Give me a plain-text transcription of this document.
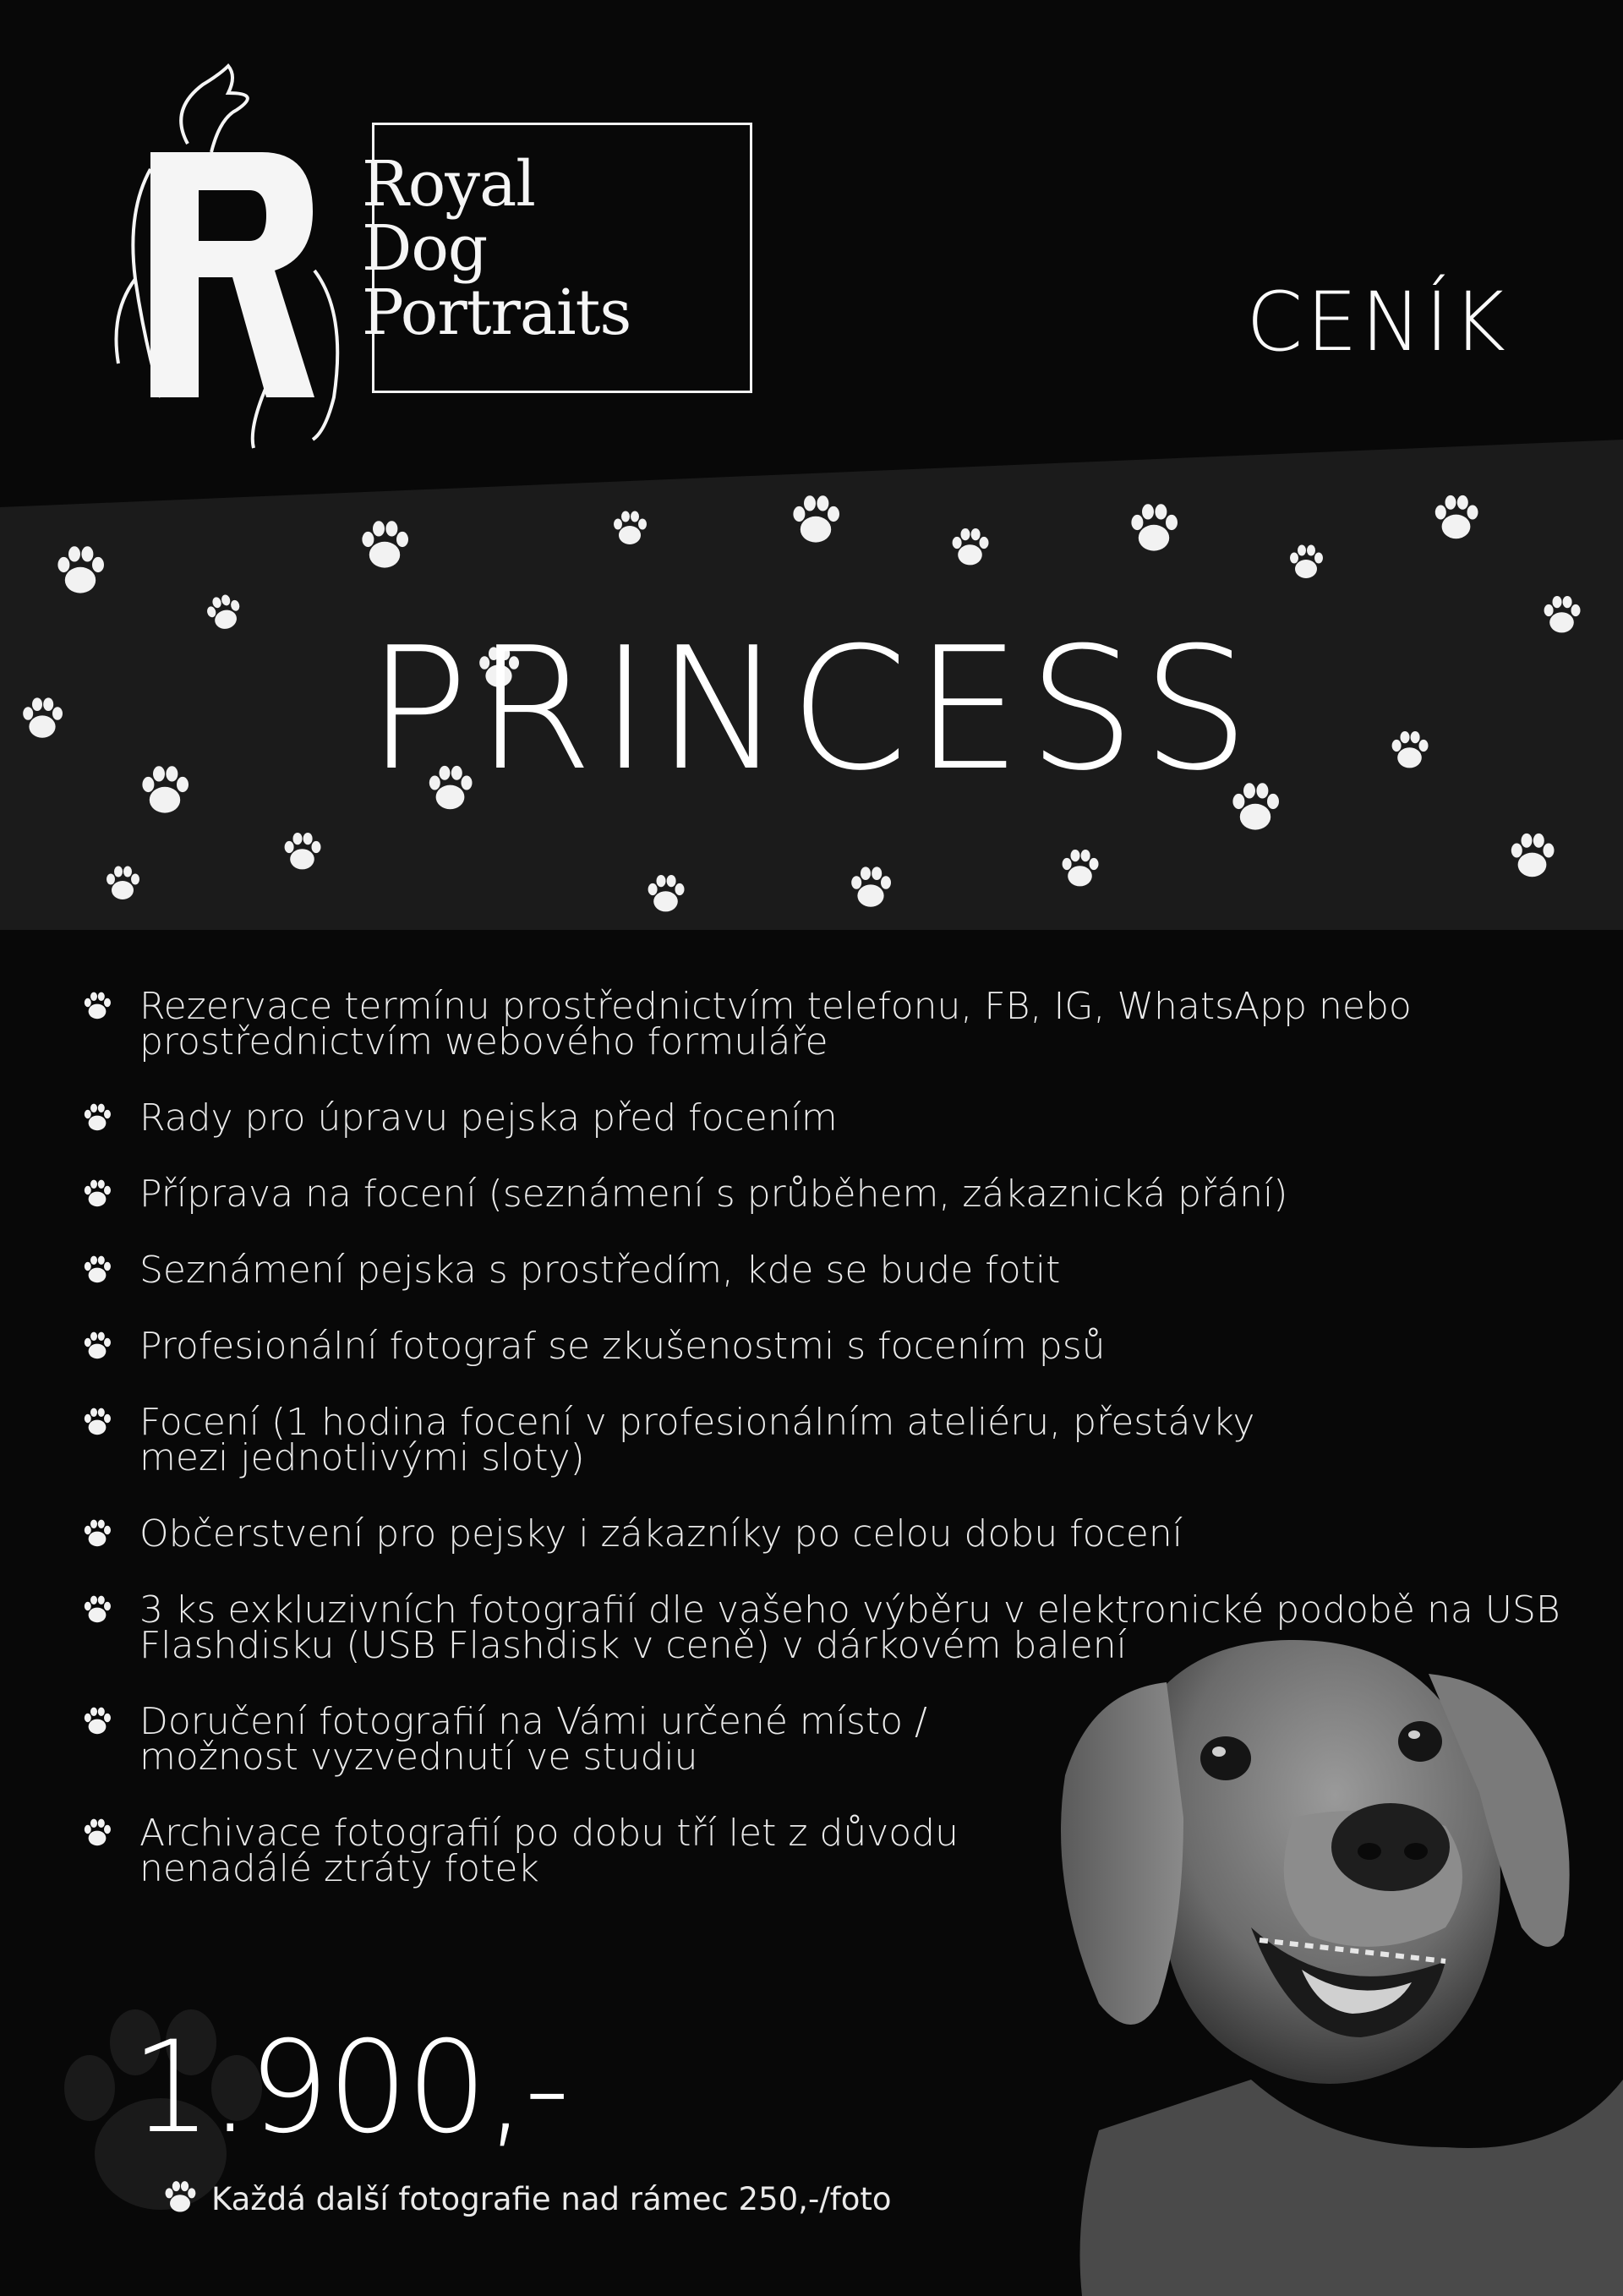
Royal
Dog
Portraits	CENÍK
PRINCESS
Rezervace termínu prostřednictvím telefonu, FB, IG, WhatsApp nebo
prostřednictvím webového formuláře
Rady pro úpravu pejska před focením
Příprava na focení (seznámení s průběhem, zákaznická přání)
Seznámení pejska s prostředím, kde se bude fotit
Profesionální fotograf se zkušenostmi s focením psů
Focení (1 hodina focení v profesionálním ateliéru, přestávky
mezi jednotlivými sloty)
Občerstvení pro pejsky i zákazníky po celou dobu focení
3 ks exkluzivních fotografií dle vašeho výběru v elektronické podobě na USB
Flashdisku (USB Flashdisk v ceně) v dárkovém balení
Doručení fotografií na Vámi určené místo /
možnost vyzvednutí ve studiu
Archivace fotografií po dobu tří let z důvodu
nenadálé ztráty fotek
1.900,-
Každá další fotografie nad rámec 250,-/foto
